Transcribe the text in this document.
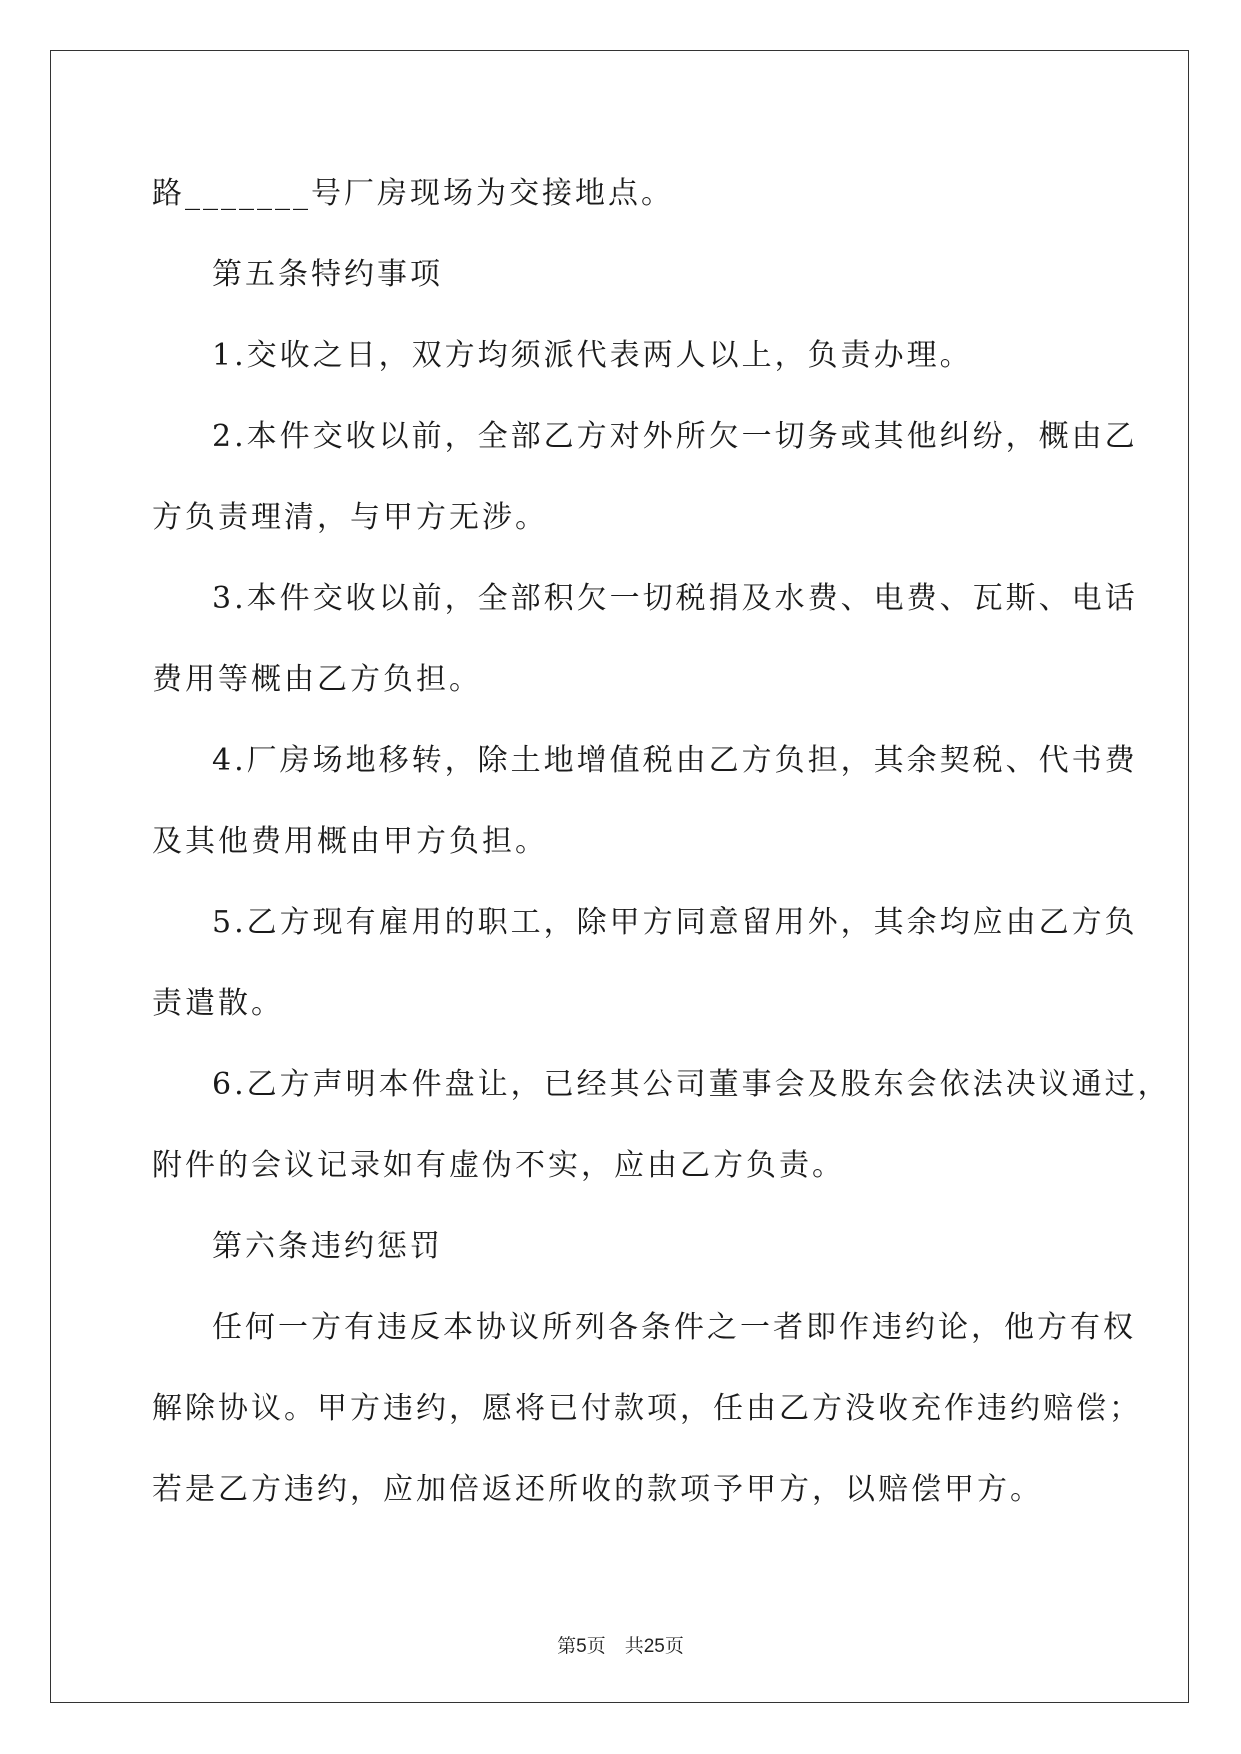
路_______号厂房现场为交接地点。
第五条特约事项
1.交收之日，双方均须派代表两人以上，负责办理。
2.本件交收以前，全部乙方对外所欠一切务或其他纠纷，概由乙
方负责理清，与甲方无涉。
3.本件交收以前，全部积欠一切税捐及水费、电费、瓦斯、电话
费用等概由乙方负担。
4.厂房场地移转，除土地增值税由乙方负担，其余契税、代书费
及其他费用概由甲方负担。
5.乙方现有雇用的职工，除甲方同意留用外，其余均应由乙方负
责遣散。
6.乙方声明本件盘让，已经其公司董事会及股东会依法决议通过，
附件的会议记录如有虚伪不实，应由乙方负责。
第六条违约惩罚
任何一方有违反本协议所列各条件之一者即作违约论，他方有权
解除协议。甲方违约，愿将已付款项，任由乙方没收充作违约赔偿；
若是乙方违约，应加倍返还所收的款项予甲方，以赔偿甲方。
第5页　 共25页
